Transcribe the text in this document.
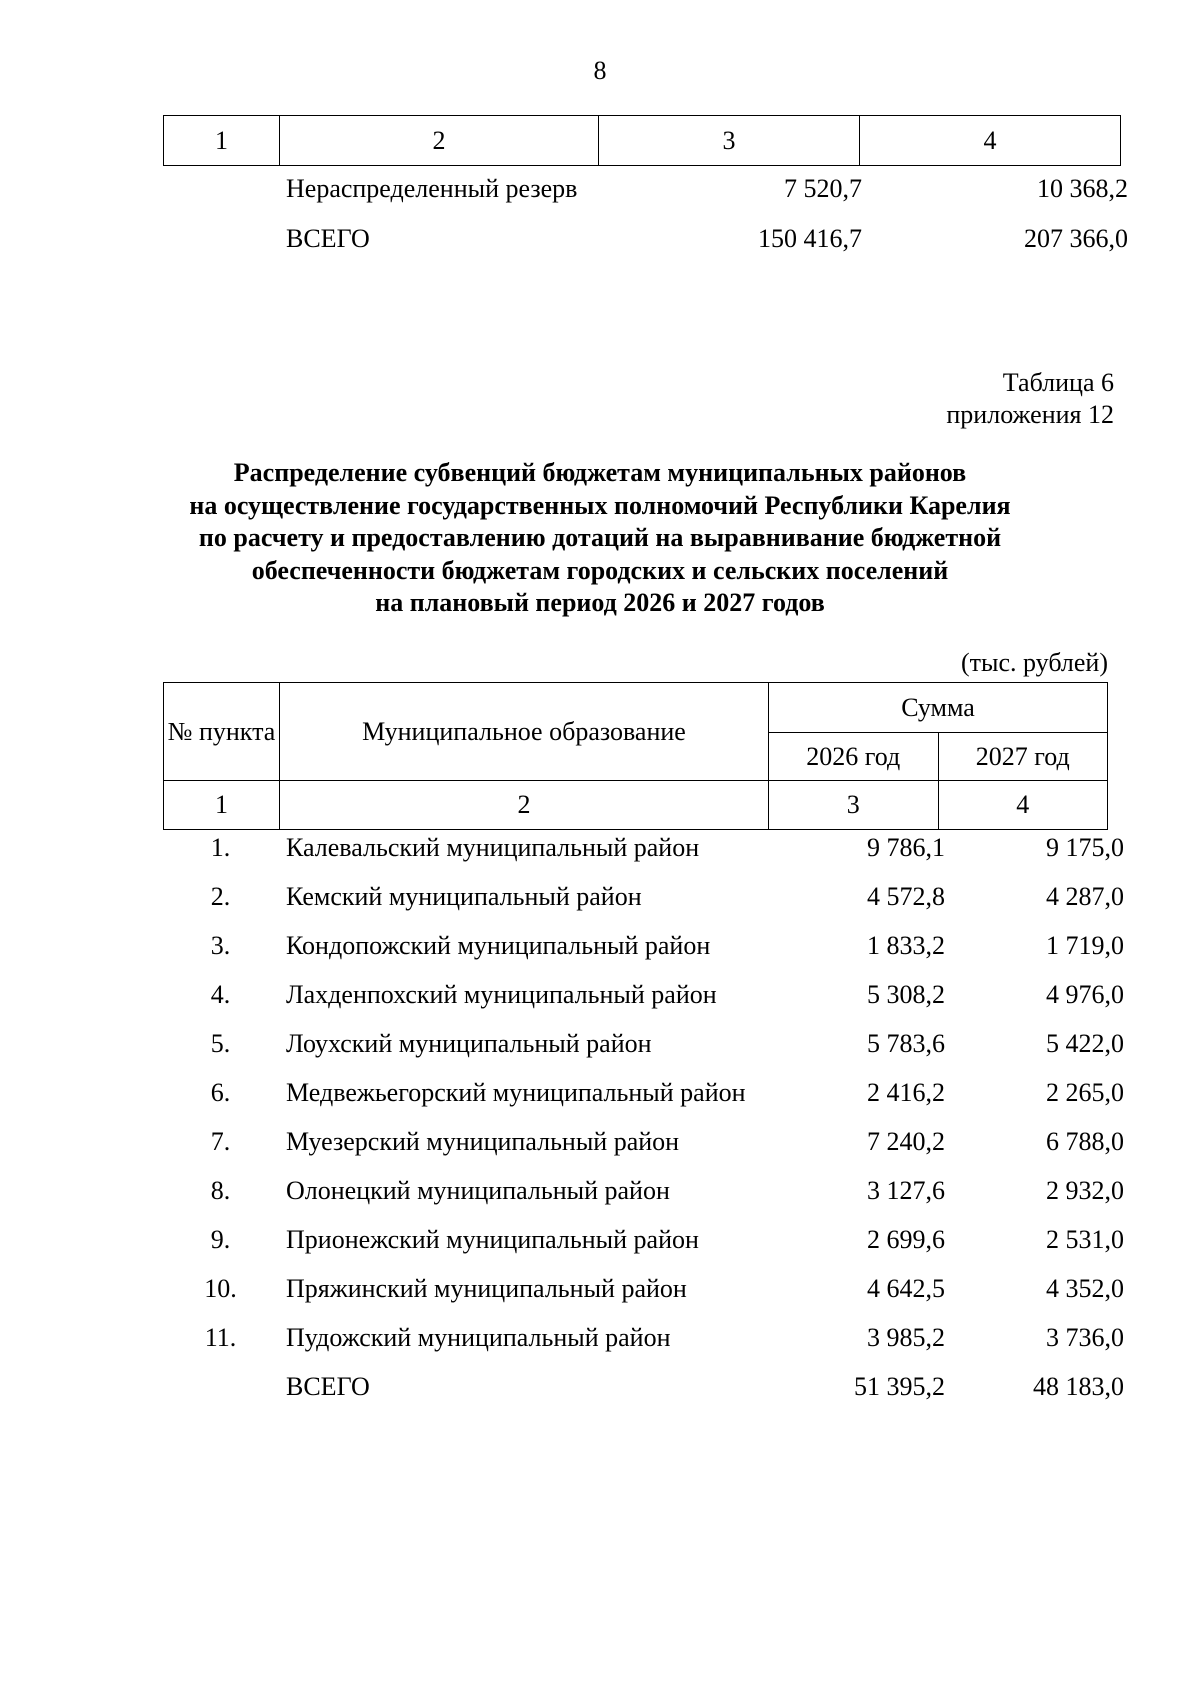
8
1	2	3	4
	Нераспределенный резерв	7 520,7	10 368,2
	ВСЕГО	150 416,7	207 366,0
Таблица 6
приложения 12
Распределение субвенций бюджетам муниципальных районов
на осуществление государственных полномочий Республики Карелия
по расчету и предоставлению дотаций на выравнивание бюджетной
обеспеченности бюджетам городских и сельских поселений
на плановый период 2026 и 2027 годов
(тыс. рублей)
№ пункта	Муниципальное образование	Сумма	
		2026 год	2027 год
1	2	3	4
1.	Калевальский муниципальный район	9 786,1	9 175,0
2.	Кемский муниципальный район	4 572,8	4 287,0
3.	Кондопожский муниципальный район	1 833,2	1 719,0
4.	Лахденпохский муниципальный район	5 308,2	4 976,0
5.	Лоухский муниципальный район	5 783,6	5 422,0
6.	Медвежьегорский муниципальный район	2 416,2	2 265,0
7.	Муезерский муниципальный район	7 240,2	6 788,0
8.	Олонецкий муниципальный район	3 127,6	2 932,0
9.	Прионежский муниципальный район	2 699,6	2 531,0
10.	Пряжинский муниципальный район	4 642,5	4 352,0
11.	Пудожский муниципальный район	3 985,2	3 736,0
	ВСЕГО	51 395,2	48 183,0
